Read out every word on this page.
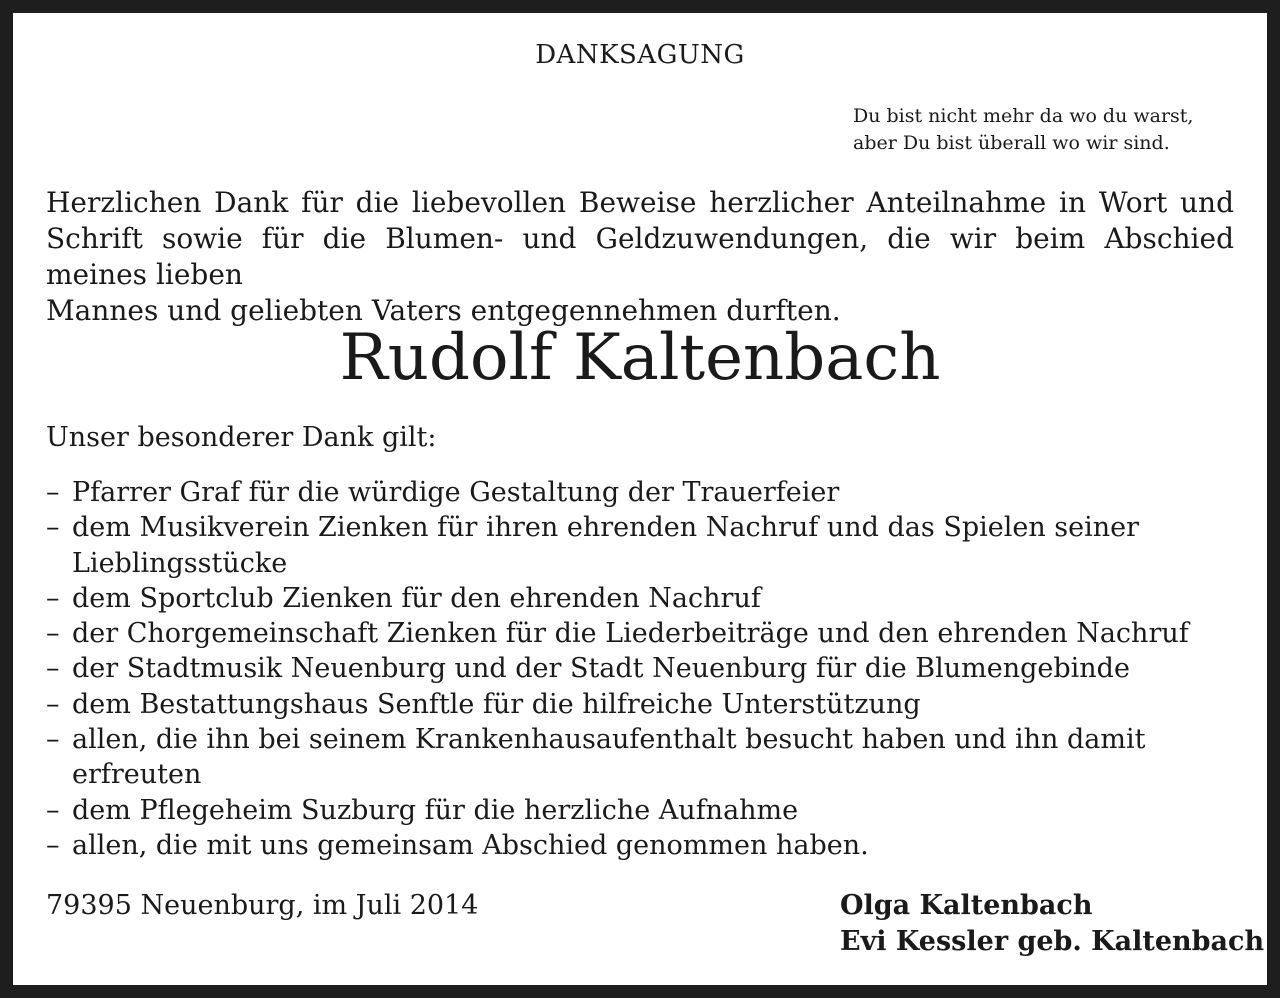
DANKSAGUNG
Du bist nicht mehr da wo du warst,
aber Du bist überall wo wir sind.
Herzlichen Dank für die liebevollen Beweise herzlicher Anteilnahme in Wort und Schrift sowie für die Blumen- und Geldzuwendungen, die wir beim Abschied meines lieben
Mannes und geliebten Vaters entgegennehmen durften.
Rudolf Kaltenbach
Unser besonderer Dank gilt:
– Pfarrer Graf für die würdige Gestaltung der Trauerfeier
– dem Musikverein Zienken für ihren ehrenden Nachruf und das Spielen seiner
Lieblingsstücke
– dem Sportclub Zienken für den ehrenden Nachruf
– der Chorgemeinschaft Zienken für die Liederbeiträge und den ehrenden Nachruf
– der Stadtmusik Neuenburg und der Stadt Neuenburg für die Blumengebinde
– dem Bestattungshaus Senftle für die hilfreiche Unterstützung
– allen, die ihn bei seinem Krankenhausaufenthalt besucht haben und ihn damit
erfreuten
– dem Pflegeheim Suzburg für die herzliche Aufnahme
– allen, die mit uns gemeinsam Abschied genommen haben.
79395 Neuenburg, im Juli 2014	Olga Kaltenbach
Evi Kessler geb. Kaltenbach
